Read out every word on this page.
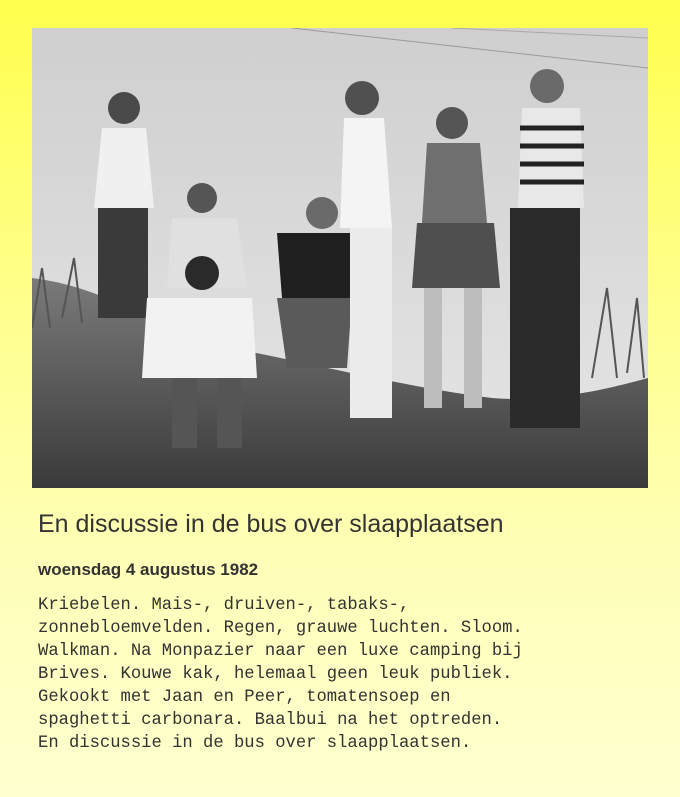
En discussie in de bus over slaapplaatsen
woensdag 4 augustus 1982
Kriebelen. Mais-, druiven-, tabaks-,
zonnebloemvelden. Regen, grauwe luchten. Sloom.
Walkman. Na Monpazier naar een luxe camping bij
Brives. Kouwe kak, helemaal geen leuk publiek.
Gekookt met Jaan en Peer, tomatensoep en
spaghetti carbonara. Baalbui na het optreden.
En discussie in de bus over slaapplaatsen.
